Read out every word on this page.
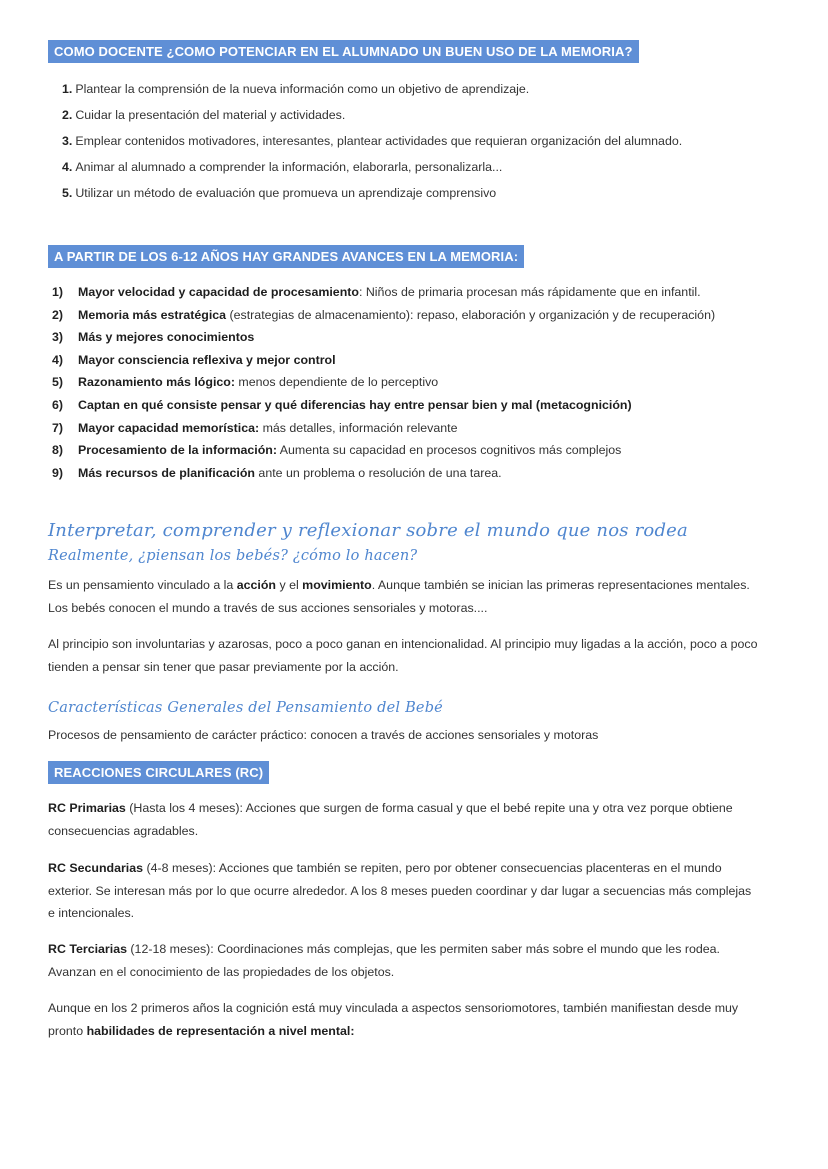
COMO DOCENTE ¿COMO POTENCIAR EN EL ALUMNADO UN BUEN USO DE LA MEMORIA?
1. Plantear la comprensión de la nueva información como un objetivo de aprendizaje.
2. Cuidar la presentación del material y actividades.
3. Emplear contenidos motivadores, interesantes, plantear actividades que requieran organización del alumnado.
4. Animar al alumnado a comprender la información, elaborarla, personalizarla...
5. Utilizar un método de evaluación que promueva un aprendizaje comprensivo
A PARTIR DE LOS 6-12 AÑOS HAY GRANDES AVANCES EN LA MEMORIA:
1) Mayor velocidad y capacidad de procesamiento: Niños de primaria procesan más rápidamente que en infantil.
2) Memoria más estratégica (estrategias de almacenamiento): repaso, elaboración y organización y de recuperación)
3) Más y mejores conocimientos
4) Mayor consciencia reflexiva y mejor control
5) Razonamiento más lógico: menos dependiente de lo perceptivo
6) Captan en qué consiste pensar y qué diferencias hay entre pensar bien y mal (metacognición)
7) Mayor capacidad memorística: más detalles, información relevante
8) Procesamiento de la información: Aumenta su capacidad en procesos cognitivos más complejos
9) Más recursos de planificación ante un problema o resolución de una tarea.
Interpretar, comprender y reflexionar sobre el mundo que nos rodea
Realmente, ¿piensan los bebés? ¿cómo lo hacen?

Es un pensamiento vinculado a la acción y el movimiento. Aunque también se inician las primeras representaciones mentales. Los bebés conocen el mundo a través de sus acciones sensoriales y motoras....

Al principio son involuntarias y azarosas, poco a poco ganan en intencionalidad. Al principio muy ligadas a la acción, poco a poco tienden a pensar sin tener que pasar previamente por la acción.

Características Generales del Pensamiento del Bebé

Procesos de pensamiento de carácter práctico: conocen a través de acciones sensoriales y motoras

REACCIONES CIRCULARES (RC)

RC Primarias (Hasta los 4 meses): Acciones que surgen de forma casual y que el bebé repite una y otra vez porque obtiene consecuencias agradables.

RC Secundarias (4-8 meses): Acciones que también se repiten, pero por obtener consecuencias placenteras en el mundo exterior. Se interesan más por lo que ocurre alrededor. A los 8 meses pueden coordinar y dar lugar a secuencias más complejas e intencionales.

RC Terciarias (12-18 meses): Coordinaciones más complejas, que les permiten saber más sobre el mundo que les rodea. Avanzan en el conocimiento de las propiedades de los objetos.

Aunque en los 2 primeros años la cognición está muy vinculada a aspectos sensoriomotores, también manifiestan desde muy pronto habilidades de representación a nivel mental:
